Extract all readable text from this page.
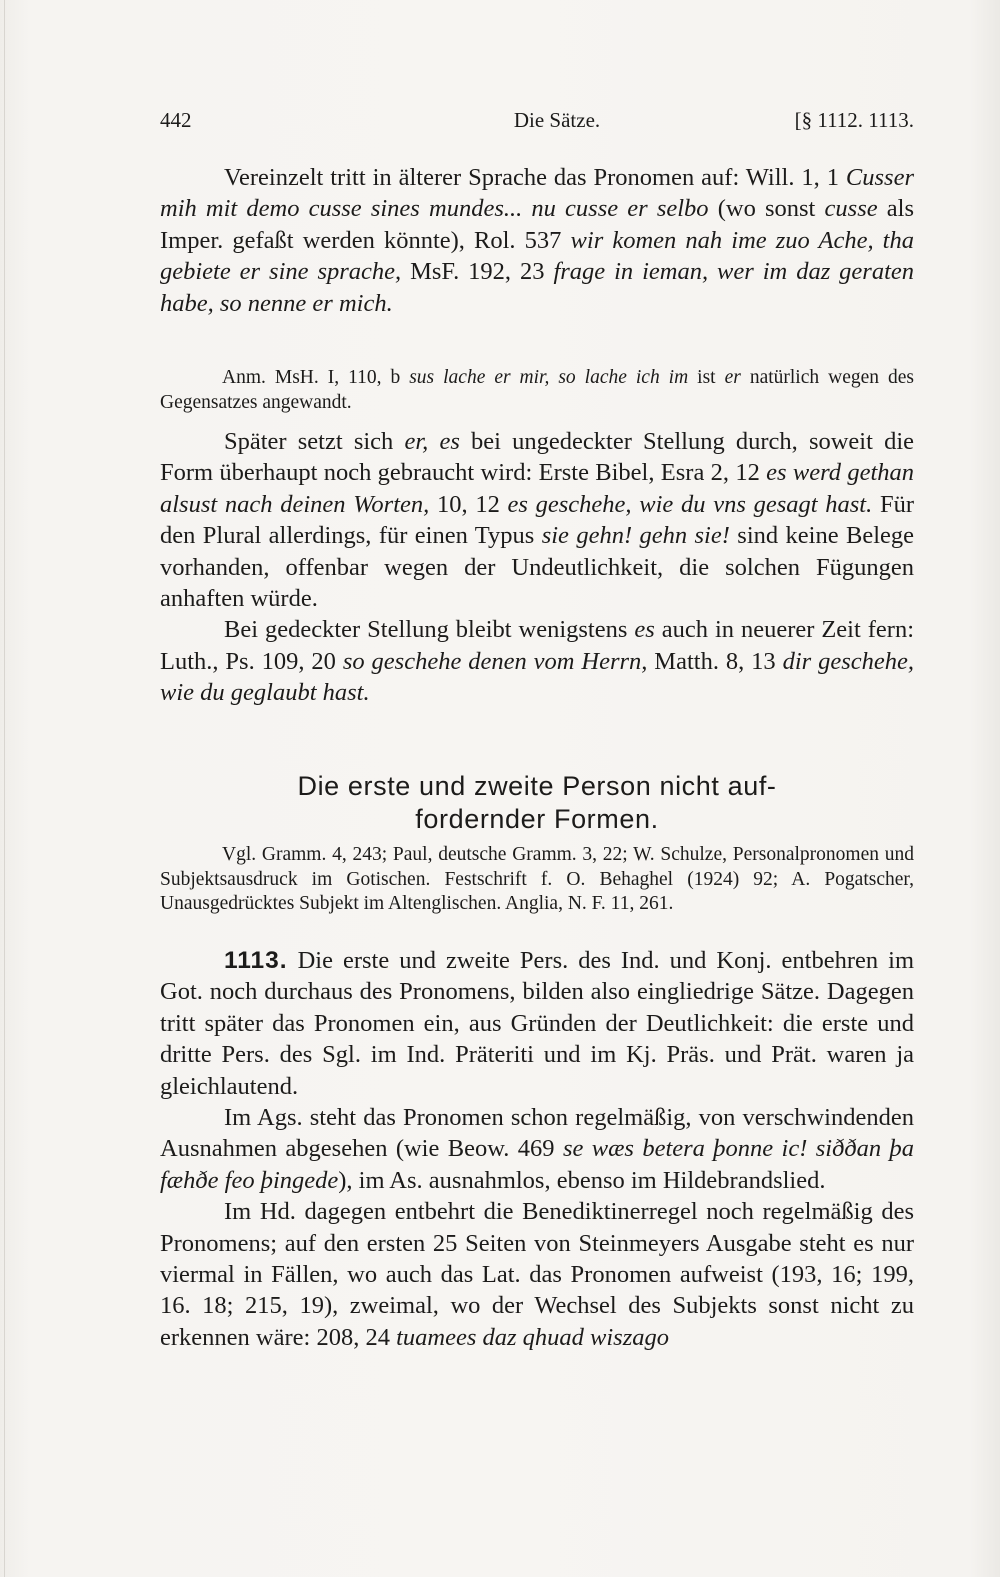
442	Die Sätze.	[§ 1112. 1113.

Vereinzelt tritt in älterer Sprache das Pronomen auf: Will. 1, 1 Cusser mih mit demo cusse sines mundes... nu cusse er selbo (wo sonst cusse als Imper. gefaßt werden könnte), Rol. 537 wir komen nah ime zuo Ache, tha gebiete er sine sprache, MsF. 192, 23 frage in ieman, wer im daz geraten habe, so nenne er mich.

Anm. MsH. I, 110, b sus lache er mir, so lache ich im ist er natürlich wegen des Gegensatzes angewandt.

Später setzt sich er, es bei ungedeckter Stellung durch, soweit die Form überhaupt noch gebraucht wird: Erste Bibel, Esra 2, 12 es werd gethan alsust nach deinen Worten, 10, 12 es geschehe, wie du vns gesagt hast. Für den Plural allerdings, für einen Typus sie gehn! gehn sie! sind keine Belege vorhanden, offenbar wegen der Undeutlichkeit, die solchen Fügungen anhaften würde.

Bei gedeckter Stellung bleibt wenigstens es auch in neuerer Zeit fern: Luth., Ps. 109, 20 so geschehe denen vom Herrn, Matth. 8, 13 dir geschehe, wie du geglaubt hast.

Die erste und zweite Person nicht auf-
fordernder Formen.

Vgl. Gramm. 4, 243; Paul, deutsche Gramm. 3, 22; W. Schulze, Personalpronomen und Subjektsausdruck im Gotischen. Festschrift f. O. Behaghel (1924) 92; A. Pogatscher, Unausgedrücktes Subjekt im Altenglischen. Anglia, N. F. 11, 261.

1113. Die erste und zweite Pers. des Ind. und Konj. entbehren im Got. noch durchaus des Pronomens, bilden also eingliedrige Sätze. Dagegen tritt später das Pronomen ein, aus Gründen der Deutlichkeit: die erste und dritte Pers. des Sgl. im Ind. Präteriti und im Kj. Präs. und Prät. waren ja gleichlautend.

Im Ags. steht das Pronomen schon regelmäßig, von verschwindenden Ausnahmen abgesehen (wie Beow. 469 se wæs betera þonne ic! siððan þa fæhðe feo þingede), im As. ausnahmlos, ebenso im Hildebrandslied.

Im Hd. dagegen entbehrt die Benediktinerregel noch regelmäßig des Pronomens; auf den ersten 25 Seiten von Steinmeyers Ausgabe steht es nur viermal in Fällen, wo auch das Lat. das Pronomen aufweist (193, 16; 199, 16. 18; 215, 19), zweimal, wo der Wechsel des Subjekts sonst nicht zu erkennen wäre: 208, 24 tuamees daz qhuad wiszago
